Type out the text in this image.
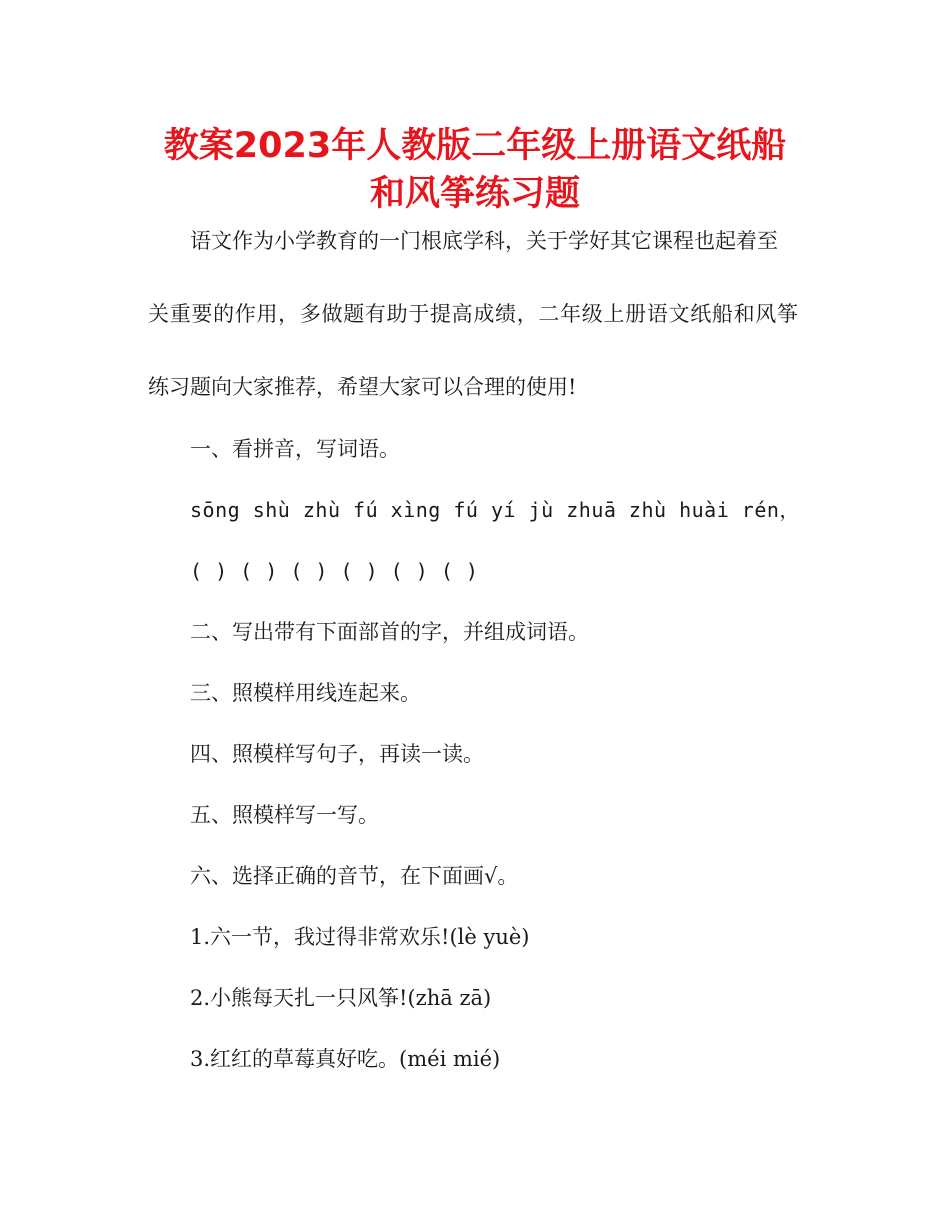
教案2023年人教版二年级上册语文纸船
和风筝练习题

语文作为小学教育的一门根底学科，关于学好其它课程也起着至

关重要的作用，多做题有助于提高成绩，二年级上册语文纸船和风筝

练习题向大家推荐，希望大家可以合理的使用!

一、看拼音，写词语。

sōng shù zhù fú xìng fú yí jù zhuā zhù huài rén，

( ) ( ) ( ) ( ) ( ) ( )

二、写出带有下面部首的字，并组成词语。

三、照模样用线连起来。

四、照模样写句子，再读一读。

五、照模样写一写。

六、选择正确的音节，在下面画√。

1.六一节，我过得非常欢乐!(lè yuè)

2.小熊每天扎一只风筝!(zhā zā)

3.红红的草莓真好吃。(méi mié)
